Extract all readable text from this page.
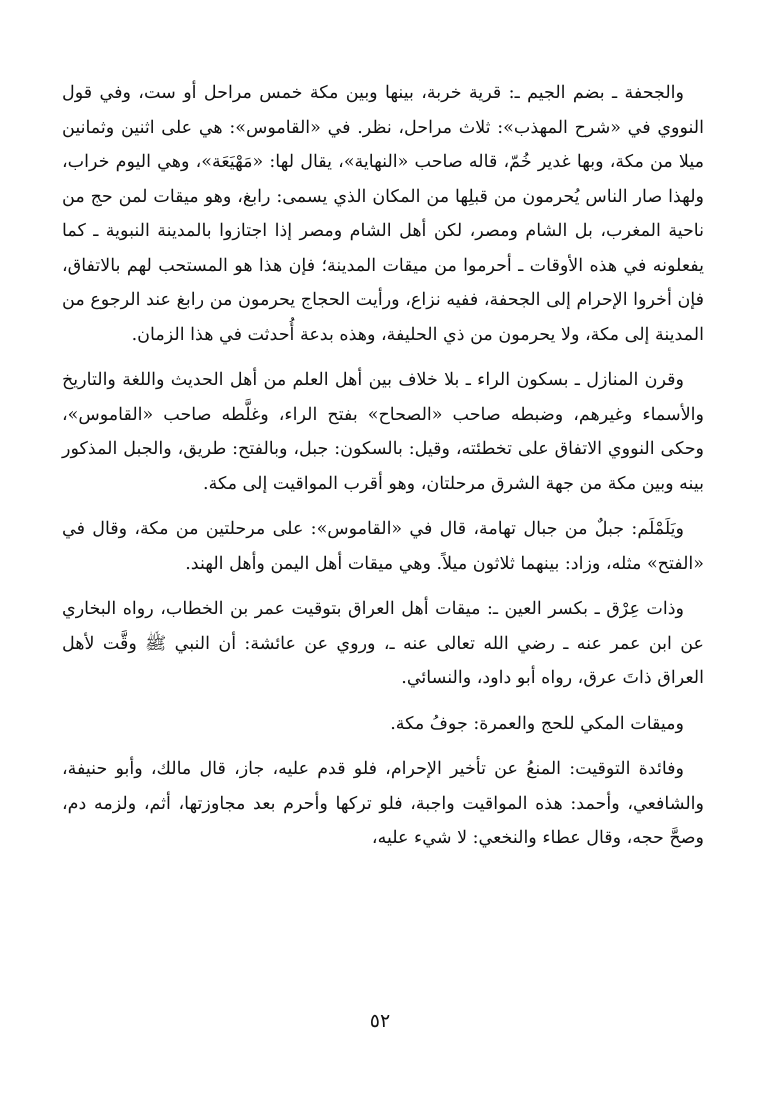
والجحفة ـ بضم الجيم ـ: قرية خربة، بينها وبين مكة خمس مراحل أو ست، وفي قول النووي في «شرح المهذب»: ثلاث مراحل، نظر. في «القاموس»: هي على اثنين وثمانين ميلا من مكة، وبها غدير خُمّ، قاله صاحب «النهاية»، يقال لها: «مَهْيَعَة»، وهي اليوم خراب، ولهذا صار الناس يُحرمون من قبلِها من المكان الذي يسمى: رابغ، وهو ميقات لمن حج من ناحية المغرب، بل الشام ومصر، لكن أهل الشام ومصر إذا اجتازوا بالمدينة النبوية ـ كما يفعلونه في هذه الأوقات ـ أحرموا من ميقات المدينة؛ فإن هذا هو المستحب لهم بالاتفاق، فإن أخروا الإحرام إلى الجحفة، ففيه نزاع، ورأيت الحجاج يحرمون من رابغ عند الرجوع من المدينة إلى مكة، ولا يحرمون من ذي الحليفة، وهذه بدعة أُحدثت في هذا الزمان.

وقرن المنازل ـ بسكون الراء ـ بلا خلاف بين أهل العلم من أهل الحديث واللغة والتاريخ والأسماء وغيرهم، وضبطه صاحب «الصحاح» بفتح الراء، وغلَّطه صاحب «القاموس»، وحكى النووي الاتفاق على تخطئته، وقيل: بالسكون: جبل، وبالفتح: طريق، والجبل المذكور بينه وبين مكة من جهة الشرق مرحلتان، وهو أقرب المواقيت إلى مكة.

ويَلَمْلَم: جبلٌ من جبال تهامة، قال في «القاموس»: على مرحلتين من مكة، وقال في «الفتح» مثله، وزاد: بينهما ثلاثون ميلاً. وهي ميقات أهل اليمن وأهل الهند.

وذات عِرْق ـ بكسر العين ـ: ميقات أهل العراق بتوقيت عمر بن الخطاب، رواه البخاري عن ابن عمر عنه ـ رضي الله تعالى عنه ـ، وروي عن عائشة: أن النبي ﷺ وقَّت لأهل العراق ذاتَ عرق، رواه أبو داود، والنسائي.

وميقات المكي للحج والعمرة: جوفُ مكة.

وفائدة التوقيت: المنعُ عن تأخير الإحرام، فلو قدم عليه، جاز، قال مالك، وأبو حنيفة، والشافعي، وأحمد: هذه المواقيت واجبة، فلو تركها وأحرم بعد مجاوزتها، أثم، ولزمه دم، وصحَّ حجه، وقال عطاء والنخعي: لا شيء عليه،

٥٢
